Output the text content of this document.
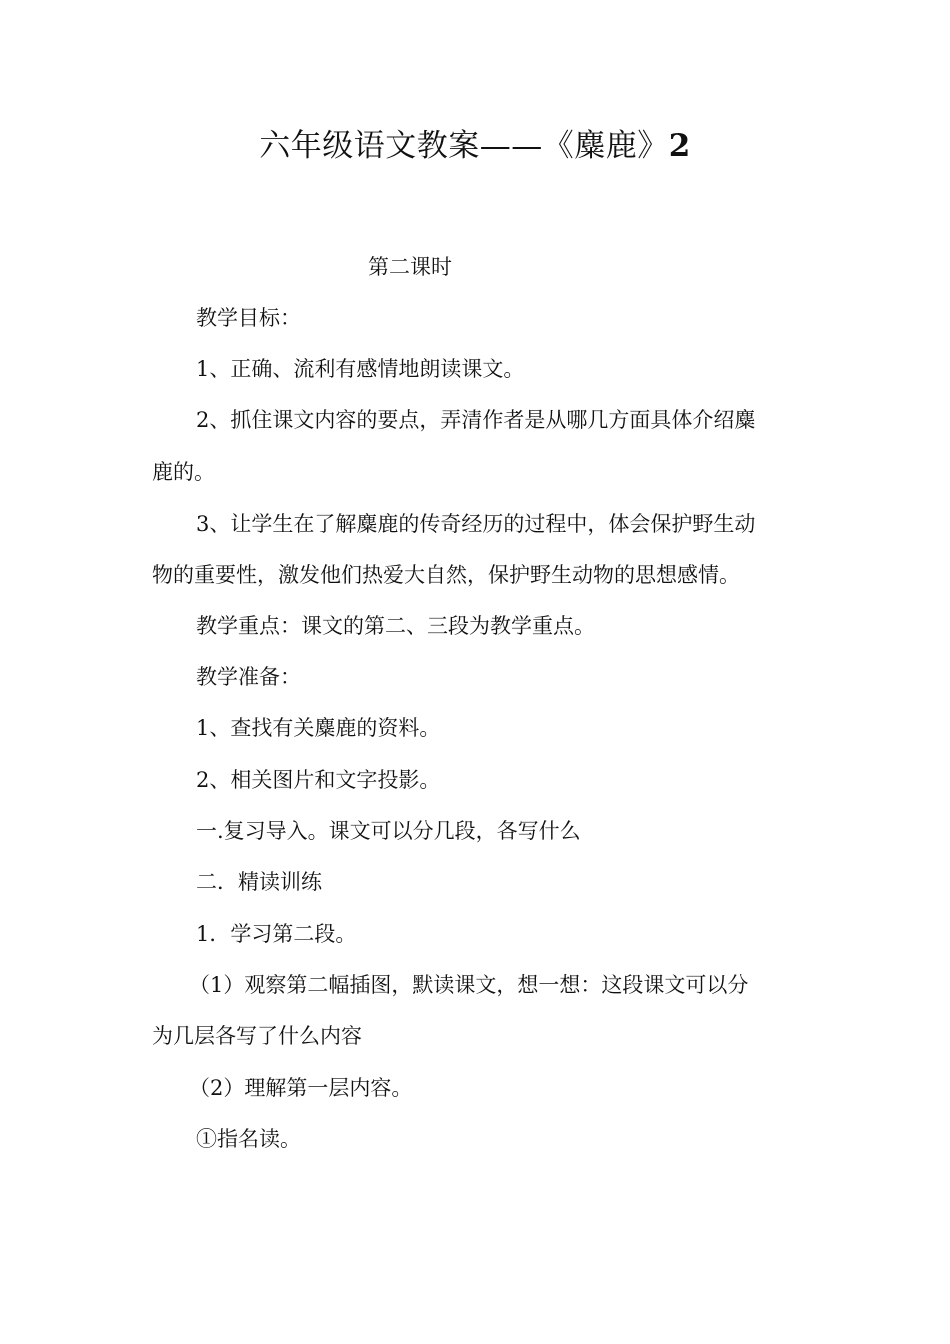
六年级语文教案——《麋鹿》2
第二课时
教学目标：
1、正确、流利有感情地朗读课文。
2、抓住课文内容的要点，弄清作者是从哪几方面具体介绍麋
鹿的。
3、让学生在了解麋鹿的传奇经历的过程中，体会保护野生动
物的重要性，激发他们热爱大自然，保护野生动物的思想感情。
教学重点：课文的第二、三段为教学重点。
教学准备：
1、查找有关麋鹿的资料。
2、相关图片和文字投影。
一.复习导入。课文可以分几段，各写什么
二．精读训练
1．学习第二段。
（1）观察第二幅插图，默读课文，想一想：这段课文可以分
为几层各写了什么内容
（2）理解第一层内容。
①指名读。
